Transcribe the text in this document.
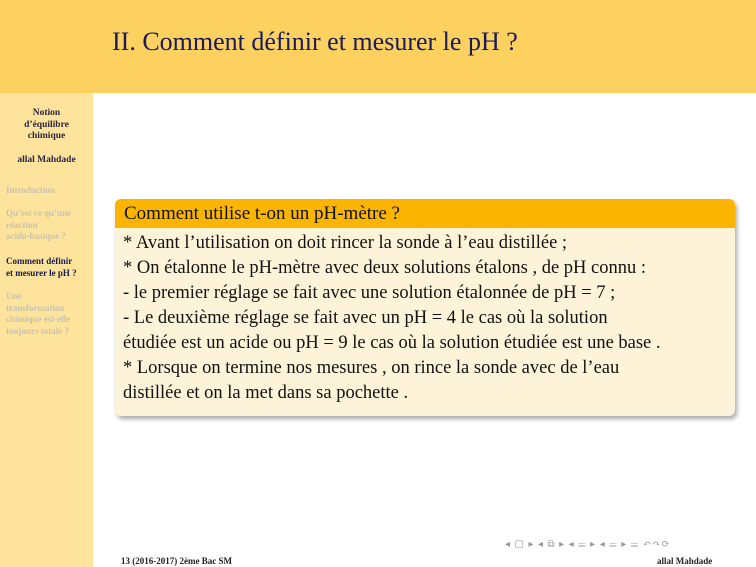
II. Comment définir et mesurer le pH ?
Notion
d’équilibre
chimique
allal Mahdade
Introduction
Qu’est ce qu’une
réaction
acido-basique ?
Comment définir
et mesurer le pH ?
Une
transformation
chimique est-elle
toujours totale ?
Comment utilise t-on un pH-mètre ?
* Avant l’utilisation on doit rincer la sonde à l’eau distillée ;
* On étalonne le pH-mètre avec deux solutions étalons , de pH connu :
- le premier réglage se fait avec une solution étalonnée de pH = 7 ;
- Le deuxième réglage se fait avec un pH = 4 le cas où la solution
étudiée est un acide ou pH = 9 le cas où la solution étudiée est une base .
* Lorsque on termine nos mesures , on rince la sonde avec de l’eau
distillée et on la met dans sa pochette .
◂ ▢ ▸ ◂ ⧉ ▸ ◂ ☰ ▸ ◂ ☰ ▸ ☰ ↶↷⟳
13 (2016-2017) 2ème Bac SM	allal Mahdade
